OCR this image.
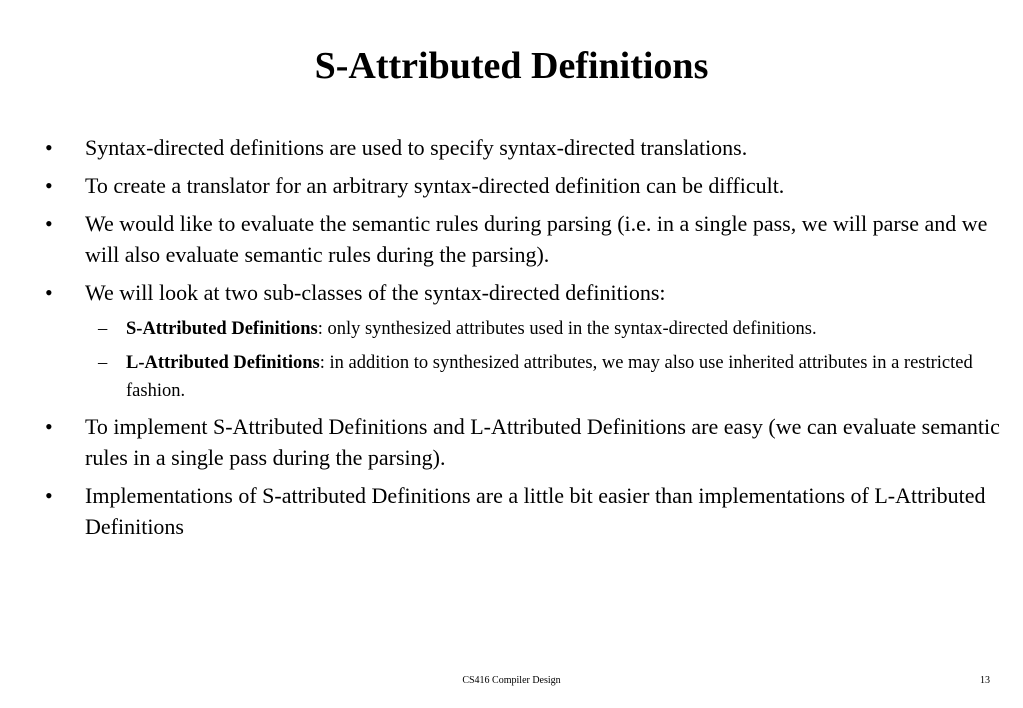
S-Attributed Definitions
• Syntax-directed definitions are used to specify syntax-directed translations.
• To create a translator for an arbitrary syntax-directed definition can be difficult.
• We would like to evaluate the semantic rules during parsing (i.e. in a single pass, we will parse and we will also evaluate semantic rules during the parsing).
• We will look at two sub-classes of the syntax-directed definitions:
– S-Attributed Definitions: only synthesized attributes used in the syntax-directed definitions.
– L-Attributed Definitions: in addition to synthesized attributes, we may also use inherited attributes in a restricted fashion.
• To implement S-Attributed Definitions and L-Attributed Definitions are easy (we can evaluate semantic rules in a single pass during the parsing).
• Implementations of S-attributed Definitions are a little bit easier than implementations of L-Attributed Definitions
CS416 Compiler Design	13
